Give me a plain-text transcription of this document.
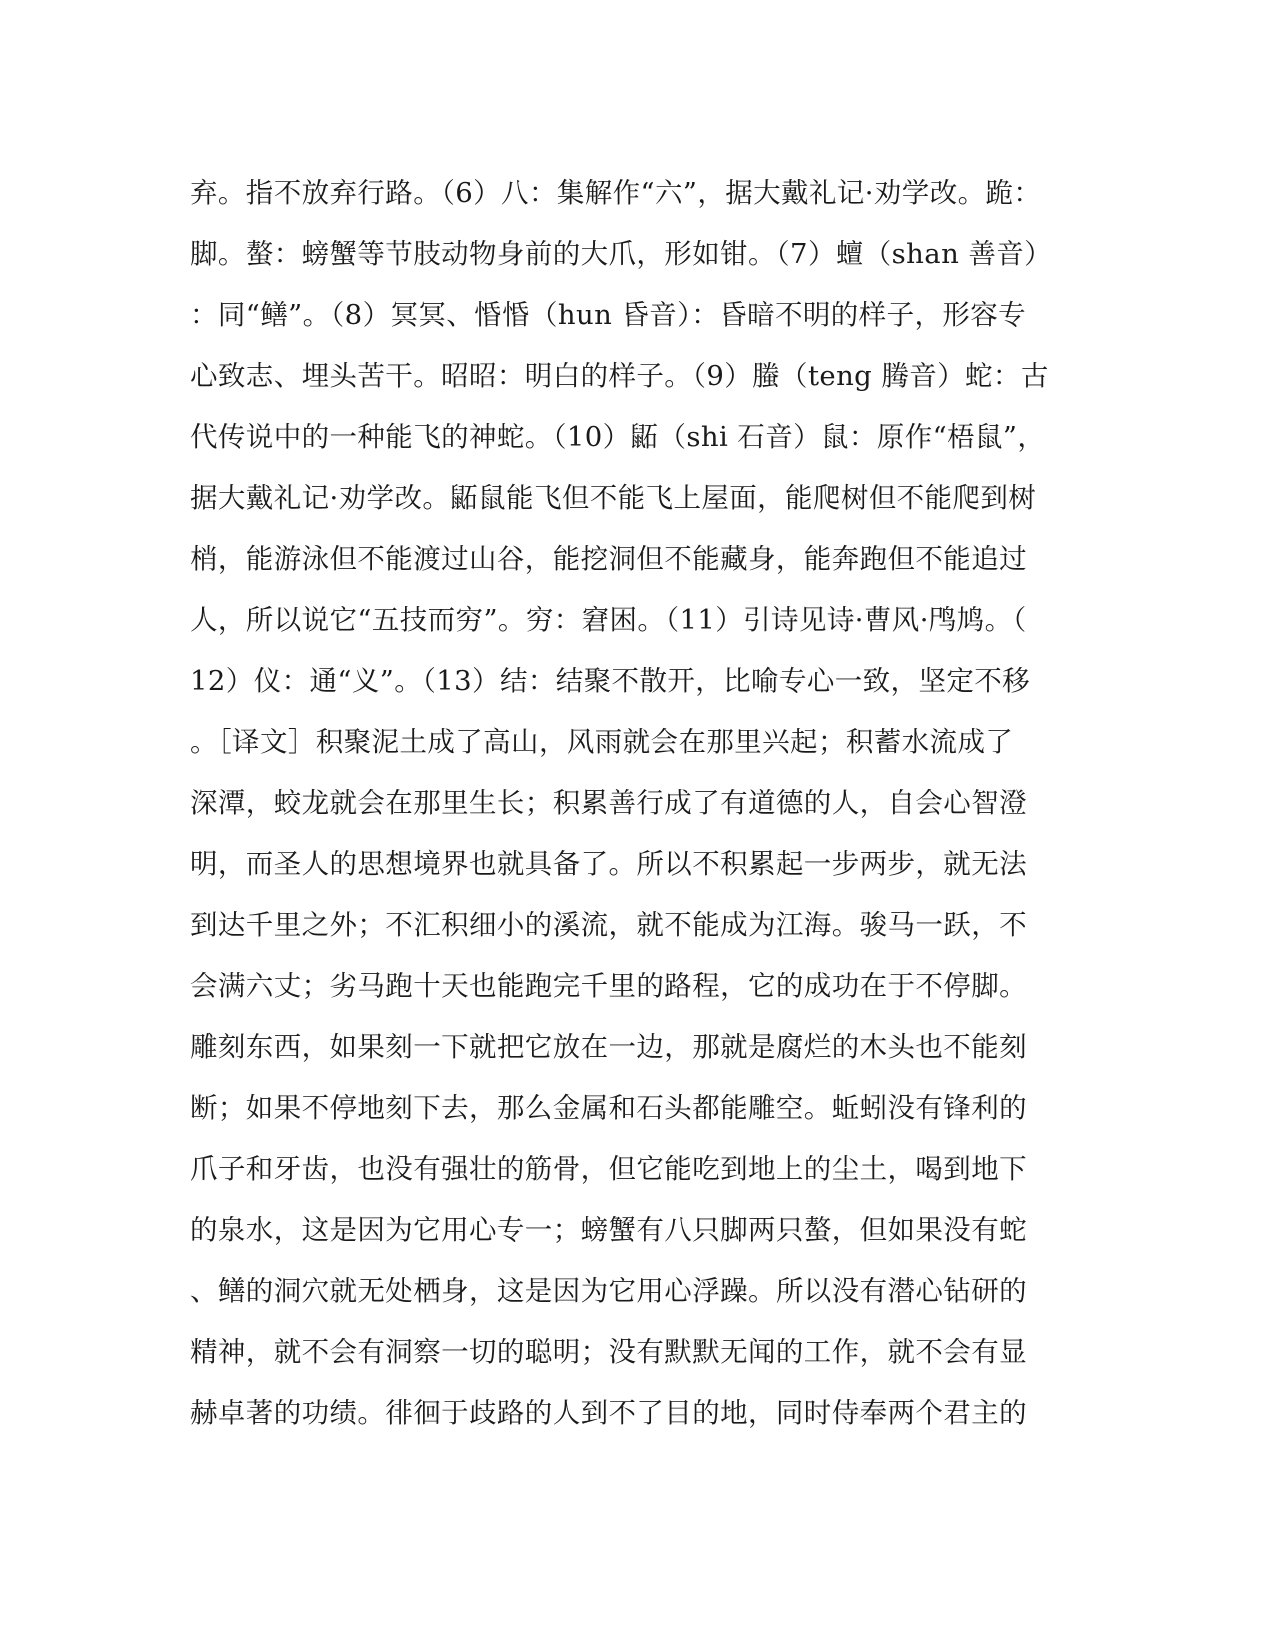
弃。指不放弃行路。（6）八：集解作“六”，据大戴礼记·劝学改。跪：
脚。螯：螃蟹等节肢动物身前的大爪，形如钳。（7）蟺（shan 善音）
：同“鳝”。（8）冥冥、惛惛（hun 昏音）：昏暗不明的样子，形容专
心致志、埋头苦干。昭昭：明白的样子。（9）螣（teng 腾音）蛇：古
代传说中的一种能飞的神蛇。（10）鼫（shi 石音）鼠：原作“梧鼠”，
据大戴礼记·劝学改。鼫鼠能飞但不能飞上屋面，能爬树但不能爬到树
梢，能游泳但不能渡过山谷，能挖洞但不能藏身，能奔跑但不能追过
人，所以说它“五技而穷”。穷：窘困。（11）引诗见诗·曹风·鸤鸠。（
12）仪：通“义”。（13）结：结聚不散开，比喻专心一致，坚定不移
。［译文］积聚泥土成了高山，风雨就会在那里兴起；积蓄水流成了
深潭，蛟龙就会在那里生长；积累善行成了有道德的人，自会心智澄
明，而圣人的思想境界也就具备了。所以不积累起一步两步，就无法
到达千里之外；不汇积细小的溪流，就不能成为江海。骏马一跃，不
会满六丈；劣马跑十天也能跑完千里的路程，它的成功在于不停脚。
雕刻东西，如果刻一下就把它放在一边，那就是腐烂的木头也不能刻
断；如果不停地刻下去，那么金属和石头都能雕空。蚯蚓没有锋利的
爪子和牙齿，也没有强壮的筋骨，但它能吃到地上的尘土，喝到地下
的泉水，这是因为它用心专一；螃蟹有八只脚两只螯，但如果没有蛇
、鳝的洞穴就无处栖身，这是因为它用心浮躁。所以没有潜心钻研的
精神，就不会有洞察一切的聪明；没有默默无闻的工作，就不会有显
赫卓著的功绩。徘徊于歧路的人到不了目的地，同时侍奉两个君主的
